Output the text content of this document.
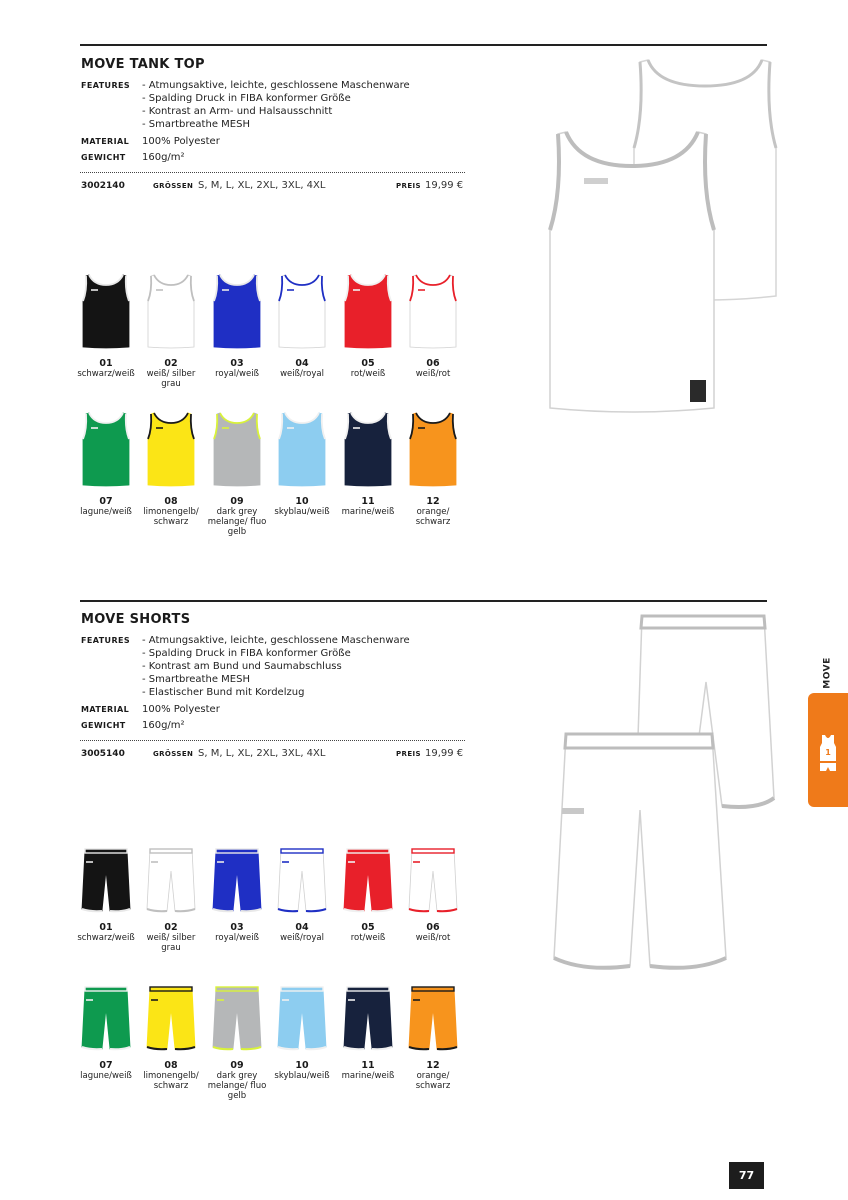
MOVE TANK TOP
FEATURES - Atmungsaktive, leichte, geschlossene Maschenware
- Spalding Druck in FIBA konformer Größe
- Kontrast an Arm- und Halsausschnitt
- Smartbreathe MESH
MATERIAL 100% Polyester
GEWICHT 160g/m²
3002140	GRÖSSEN S, M, L, XL, 2XL, 3XL, 4XL	PREIS 19,99 €
01
schwarz/weiß
02
weiß/ silber grau
03
royal/weiß
04
weiß/royal
05
rot/weiß
06
weiß/rot
07
lagune/weiß
08
limonengelb/ schwarz
09
dark grey melange/ fluo gelb
10
skyblau/weiß
11
marine/weiß
12
orange/ schwarz
MOVE SHORTS
FEATURES - Atmungsaktive, leichte, geschlossene Maschenware
- Spalding Druck in FIBA konformer Größe
- Kontrast am Bund und Saumabschluss
- Smartbreathe MESH
- Elastischer Bund mit Kordelzug
MATERIAL 100% Polyester
GEWICHT 160g/m²
3005140	GRÖSSEN S, M, L, XL, 2XL, 3XL, 4XL	PREIS 19,99 €
01
schwarz/weiß
02
weiß/ silber grau
03
royal/weiß
04
weiß/royal
05
rot/weiß
06
weiß/rot
07
lagune/weiß
08
limonengelb/ schwarz
09
dark grey melange/ fluo gelb
10
skyblau/weiß
11
marine/weiß
12
orange/ schwarz
MOVE
1
77
